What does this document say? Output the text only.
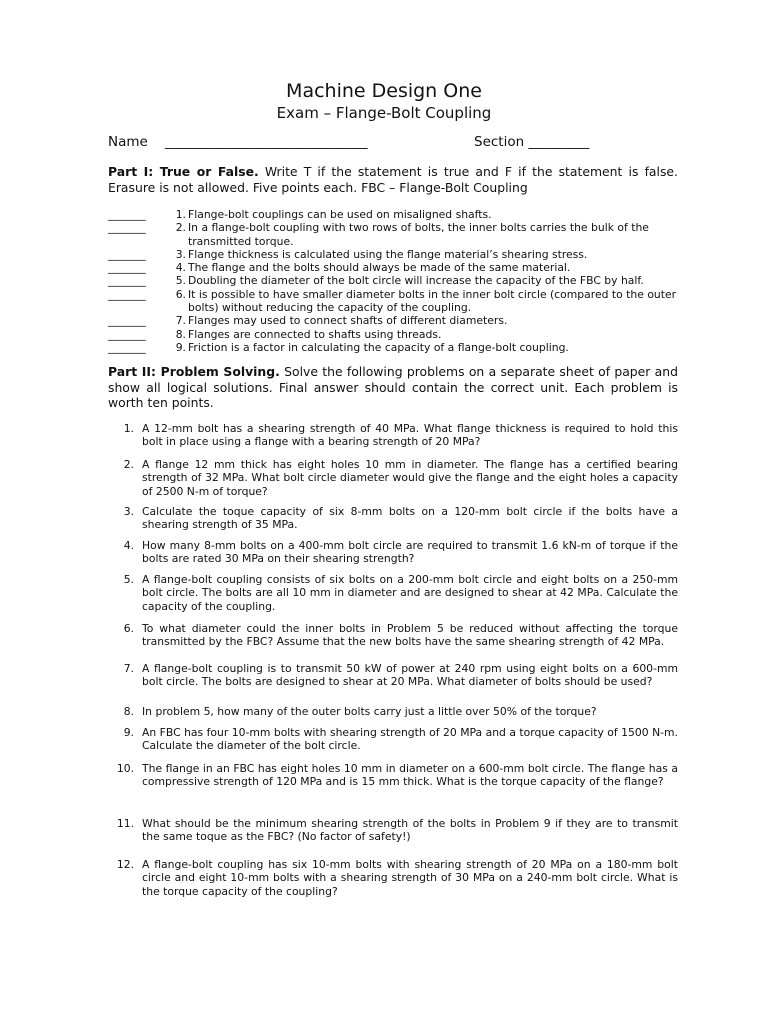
Machine Design One
Exam – Flange-Bolt Coupling
Name ______________________________	Section _________
Part I: True or False. Write T if the statement is true and F if the statement is false. Erasure is not allowed. Five points each. FBC – Flange-Bolt Coupling
_______	1. Flange-bolt couplings can be used on misaligned shafts.
_______	2. In a flange-bolt coupling with two rows of bolts, the inner bolts carries the bulk of the transmitted torque.
_______	3. Flange thickness is calculated using the flange material’s shearing stress.
_______	4. The flange and the bolts should always be made of the same material.
_______	5. Doubling the diameter of the bolt circle will increase the capacity of the FBC by half.
_______	6. It is possible to have smaller diameter bolts in the inner bolt circle (compared to the outer bolts) without reducing the capacity of the coupling.
_______	7. Flanges may used to connect shafts of different diameters.
_______	8. Flanges are connected to shafts using threads.
_______	9. Friction is a factor in calculating the capacity of a flange-bolt coupling.
Part II: Problem Solving. Solve the following problems on a separate sheet of paper and show all logical solutions. Final answer should contain the correct unit. Each problem is worth ten points.
1. A 12-mm bolt has a shearing strength of 40 MPa. What flange thickness is required to hold this bolt in place using a flange with a bearing strength of 20 MPa?
2. A flange 12 mm thick has eight holes 10 mm in diameter. The flange has a certified bearing strength of 32 MPa. What bolt circle diameter would give the flange and the eight holes a capacity of 2500 N-m of torque?
3. Calculate the toque capacity of six 8-mm bolts on a 120-mm bolt circle if the bolts have a shearing strength of 35 MPa.
4. How many 8-mm bolts on a 400-mm bolt circle are required to transmit 1.6 kN-m of torque if the bolts are rated 30 MPa on their shearing strength?
5. A flange-bolt coupling consists of six bolts on a 200-mm bolt circle and eight bolts on a 250-mm bolt circle. The bolts are all 10 mm in diameter and are designed to shear at 42 MPa. Calculate the capacity of the coupling.
6. To what diameter could the inner bolts in Problem 5 be reduced without affecting the torque transmitted by the FBC? Assume that the new bolts have the same shearing strength of 42 MPa.
7. A flange-bolt coupling is to transmit 50 kW of power at 240 rpm using eight bolts on a 600-mm bolt circle. The bolts are designed to shear at 20 MPa. What diameter of bolts should be used?
8. In problem 5, how many of the outer bolts carry just a little over 50% of the torque?
9. An FBC has four 10-mm bolts with shearing strength of 20 MPa and a torque capacity of 1500 N-m. Calculate the diameter of the bolt circle.
10. The flange in an FBC has eight holes 10 mm in diameter on a 600-mm bolt circle. The flange has a compressive strength of 120 MPa and is 15 mm thick. What is the torque capacity of the flange?
11. What should be the minimum shearing strength of the bolts in Problem 9 if they are to transmit the same toque as the FBC? (No factor of safety!)
12. A flange-bolt coupling has six 10-mm bolts with shearing strength of 20 MPa on a 180-mm bolt circle and eight 10-mm bolts with a shearing strength of 30 MPa on a 240-mm bolt circle. What is the torque capacity of the coupling?
